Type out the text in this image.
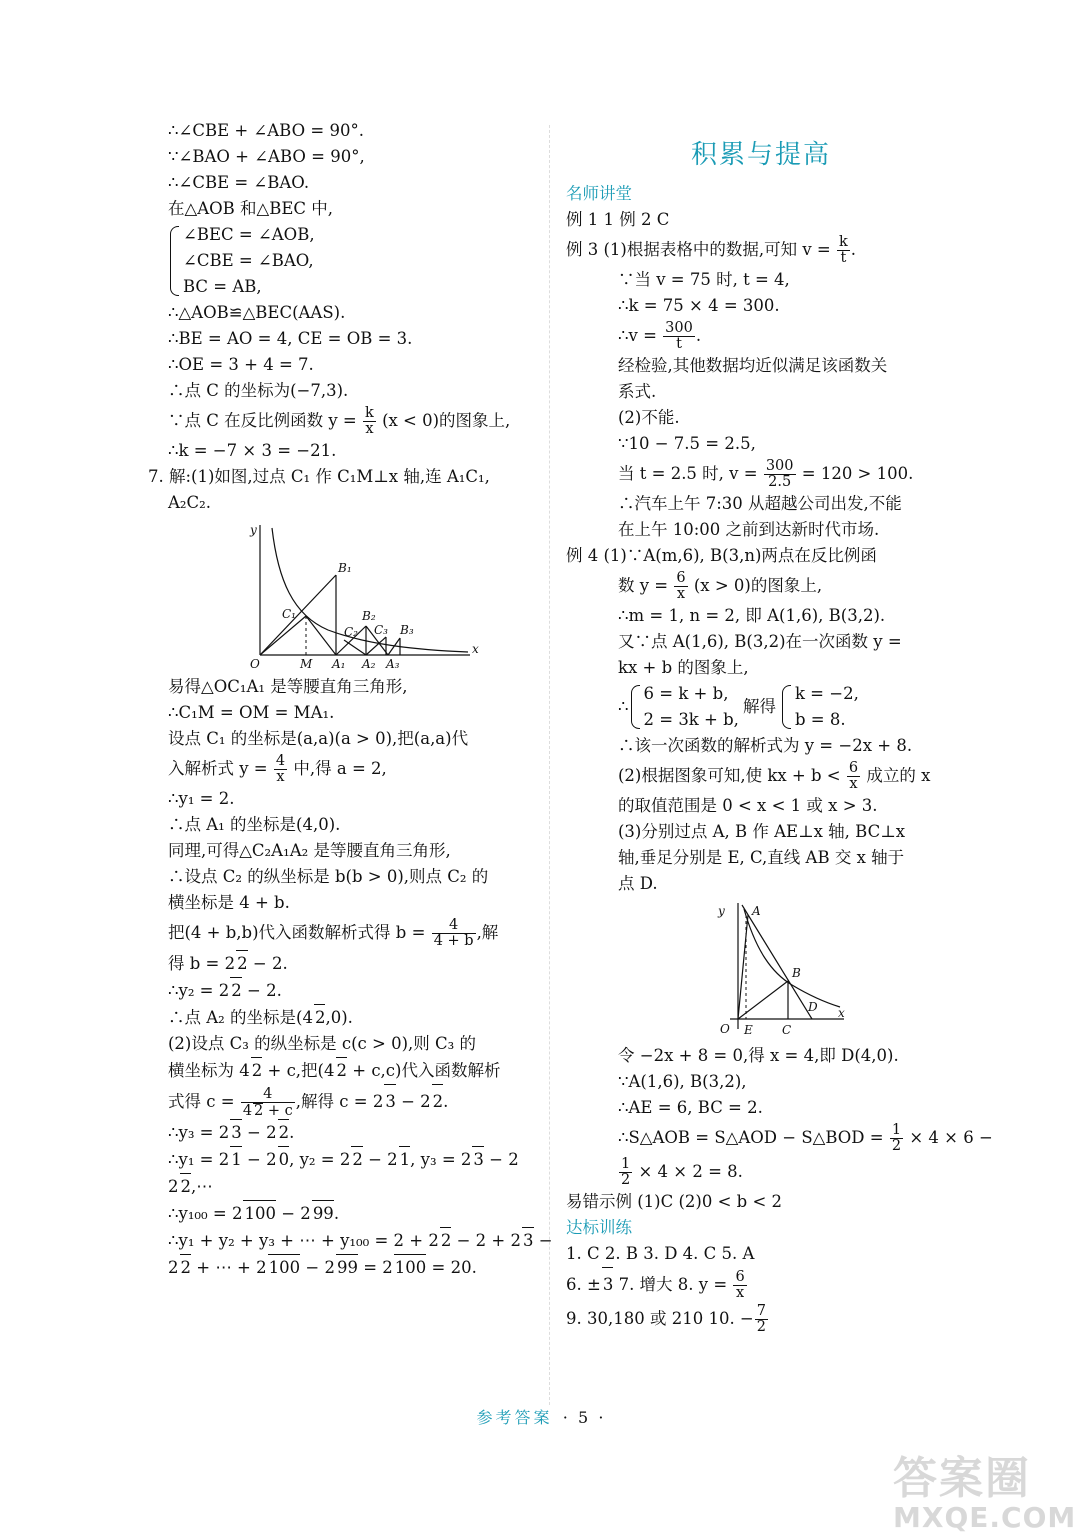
∴∠CBE + ∠ABO = 90°.
∵∠BAO + ∠ABO = 90°,
∴∠CBE = ∠BAO.
在△AOB 和△BEC 中,
∠BEC = ∠AOB,
∠CBE = ∠BAO,
BC = AB,
∴△AOB≌△BEC(AAS).
∴BE = AO = 4, CE = OB = 3.
∴OE = 3 + 4 = 7.
∴点 C 的坐标为(−7,3).
∵点 C 在反比例函数 $y = \frac{k}{x} (x < 0)$的图象上,
∴k = −7 × 3 = −21.
7. 解:(1)如图,过点 C₁ 作 C₁M⊥x 轴,连 A₁C₁,
A₂C₂.
y
x
O	M A₁ A₂ A₃
B₁
B₂
B₃
C₁
C₂ C₃
易得△OC₁A₁ 是等腰直角三角形,
∴C₁M = OM = MA₁.
设点 C₁ 的坐标是(a,a)(a > 0),把(a,a)代
入解析式 $y = \frac{4}{x}$ 中,得 a = 2,
∴y₁ = 2.
∴点 A₁ 的坐标是(4,0).
同理,可得△C₂A₁A₂ 是等腰直角三角形,
∴设点 C₂ 的纵坐标是 b(b > 0),则点 C₂ 的
横坐标是 4 + b.
把(4 + b,b)代入函数解析式得 $b = \frac{4}{4 + b}$ ,解
得 b = 2 2 − 2.
∴y₂ = 2 2 − 2.
∴点 A₂ 的坐标是(4 2,0).
(2)设点 C₃ 的纵坐标是 c(c > 0),则 C₃ 的
横坐标为 4 2 + c,把(4 2 + c,c)代入函数解析
式得 $c = \frac{4}{4 2 + c}$ ,解得 c = 2 3 − 2 2.
∴y₃ = 2 3 − 2 2.
∴y₁ = 2 1 − 2 0, y₂ = 2 2 − 2 1, y₃ = 2 3 − 2
2 2,⋯
∴y₁₀₀ = 2 100 − 2 99.
∴y₁ + y₂ + y₃ + ⋯ + y₁₀₀ = 2 + 2 2 − 2 + 2 3 −
2 2 + ⋯ + 2 100 − 2 99 = 2 100 = 20.
积累与提高
名师讲堂
例 1 1 例 2 C
例 3 (1)根据表格中的数据,可知 $v = \frac{k}{t}$ .
∵当 v = 75 时, t = 4,
∴k = 75 × 4 = 300.
∴v = $\frac{300}{t}$ .
经检验,其他数据均近似满足该函数关
系式.
(2)不能.
∵10 − 7.5 = 2.5,
当 t = 2.5 时, $v = \frac{300}{2.5} = 120 > 100$.
∴汽车上午 7:30 从超越公司出发,不能
在上午 10:00 之前到达新时代市场.
例 4 (1)∵A(m,6), B(3,n)两点在反比例函
数 $y = \frac{6}{x} (x > 0)$的图象上,
∴m = 1, n = 2, 即 A(1,6), B(3,2).
又∵点 A(1,6), B(3,2)在一次函数 y =
kx + b 的图象上,
∴
6 = k + b,
2 = 3k + b,
解得
k = −2,
b = 8.
∴该一次函数的解析式为 y = −2x + 8.
(2)根据图象可知,使 kx + $b < \frac{6}{x}$ 成立的 x
的取值范围是 0 < x < 1 或 x > 3.
(3)分别过点 A, B 作 AE⊥x 轴, BC⊥x
轴,垂足分别是 E, C,直线 AB 交 x 轴于
点 D.
y
x
O E C
A
B
D
令 −2x + 8 = 0,得 x = 4,即 D(4,0).
∵A(1,6), B(3,2),
∴AE = 6, BC = 2.
∴S△AOB = S△AOD − S△BOD = $\frac{1}{2} \times 4 \times 6$ −
$\frac{1}{2} \times 4 \times 2 = 8$.
易错示例 (1)C (2)0 < b < 2
达标训练
1. C 2. B 3. D 4. C 5. A
6. ± 3 7. 增大 8. $y = \frac{6}{x}$
9. 30,180 或 210 10. − $\frac{7}{2}$
参考答案 · 5 ·
答案圈
MXQE.COM
